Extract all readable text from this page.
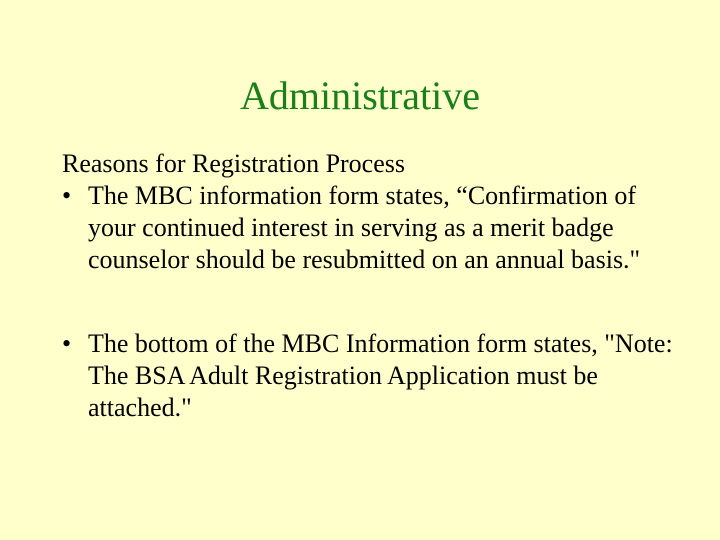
Administrative

Reasons for Registration Process

• The MBC information form states, “Confirmation of your continued interest in serving as a merit badge counselor should be resubmitted on an annual basis."

• The bottom of the MBC Information form states, "Note: The BSA Adult Registration Application must be attached."
